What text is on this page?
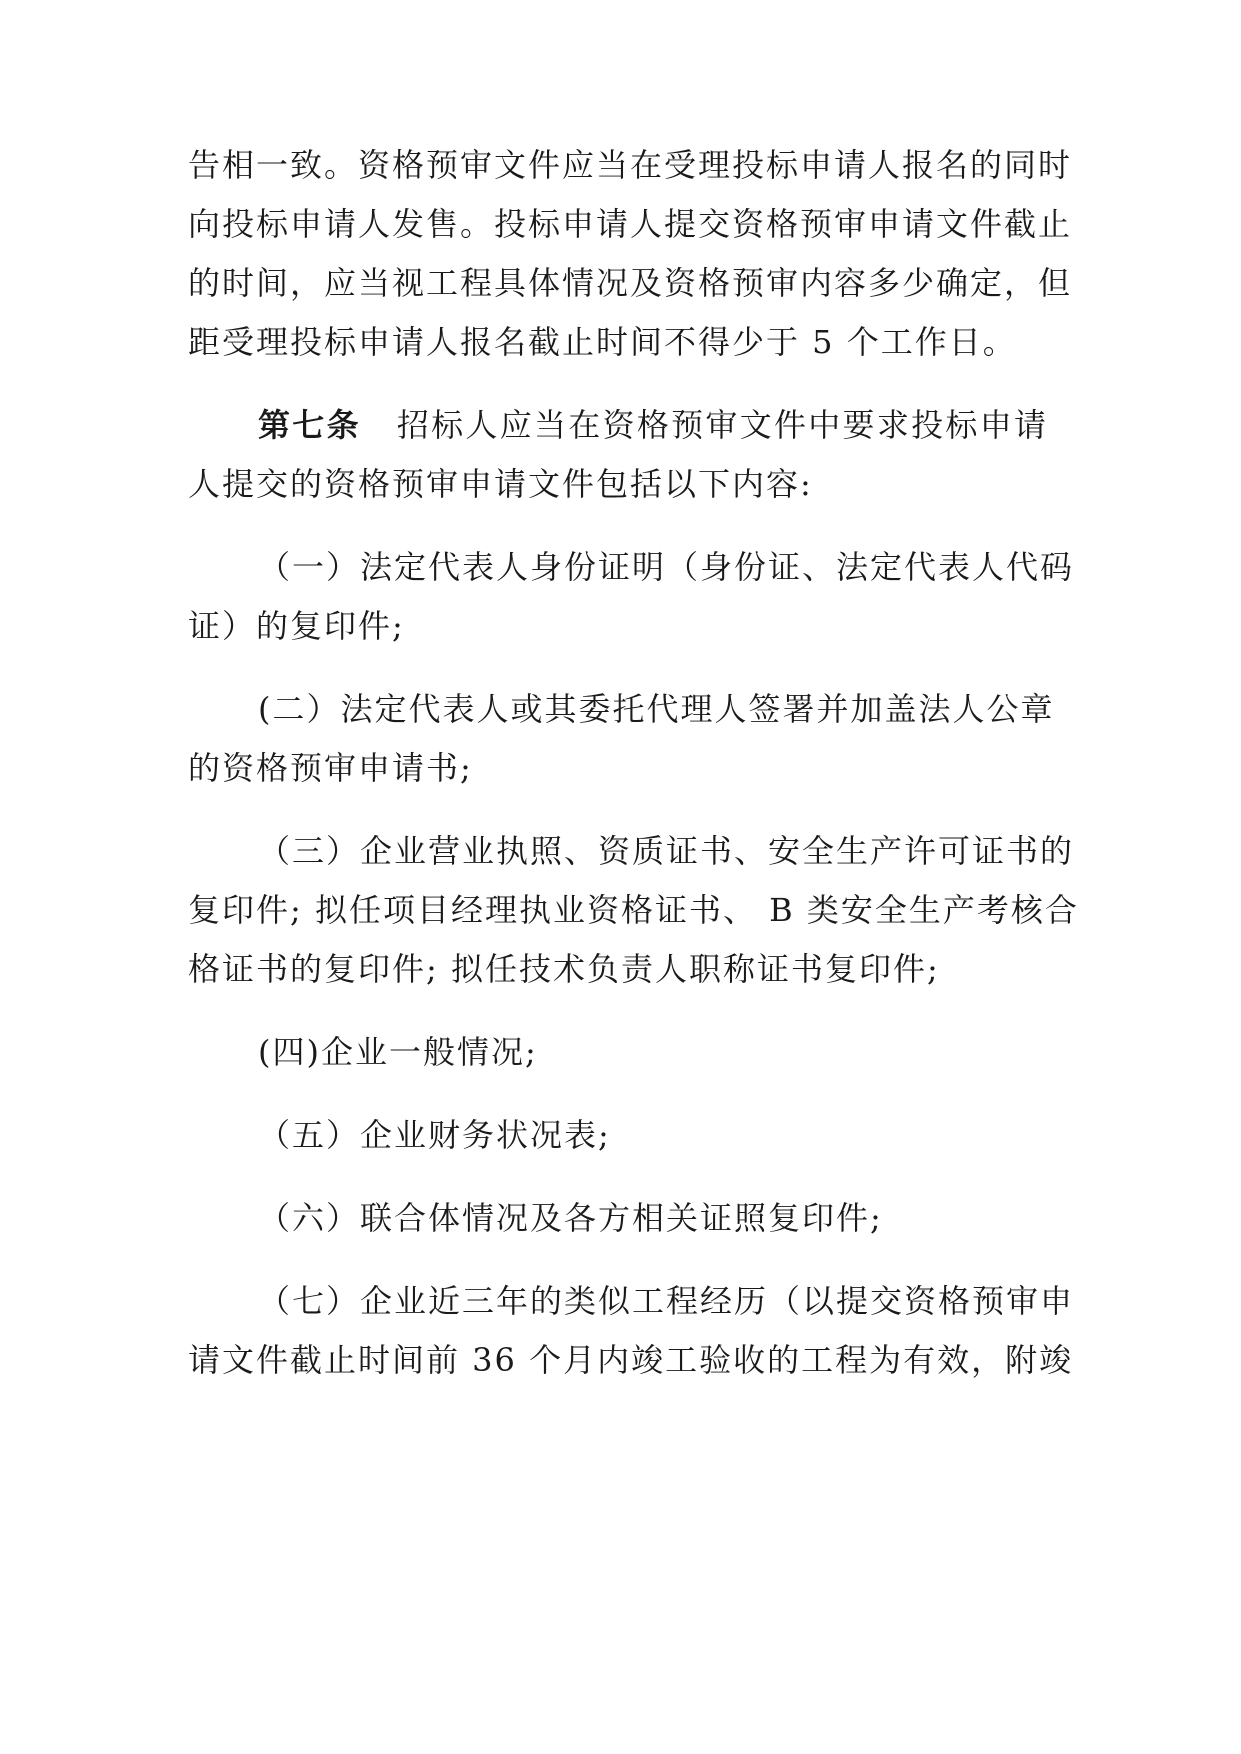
告相一致。资格预审文件应当在受理投标申请人报名的同时

向投标申请人发售。投标申请人提交资格预审申请文件截止

的时间，应当视工程具体情况及资格预审内容多少确定，但

距受理投标申请人报名截止时间不得少于 5 个工作日。

第七条 招标人应当在资格预审文件中要求投标申请

人提交的资格预审申请文件包括以下内容:

（一）法定代表人身份证明（身份证、法定代表人代码

证）的复印件;

(二）法定代表人或其委托代理人签署并加盖法人公章

的资格预审申请书;

（三）企业营业执照、资质证书、安全生产许可证书的

复印件; 拟任项目经理执业资格证书、 B 类安全生产考核合

格证书的复印件; 拟任技术负责人职称证书复印件;

(四)企业一般情况;

（五）企业财务状况表;

（六）联合体情况及各方相关证照复印件;

（七）企业近三年的类似工程经历（以提交资格预审申

请文件截止时间前 36 个月内竣工验收的工程为有效，附竣
